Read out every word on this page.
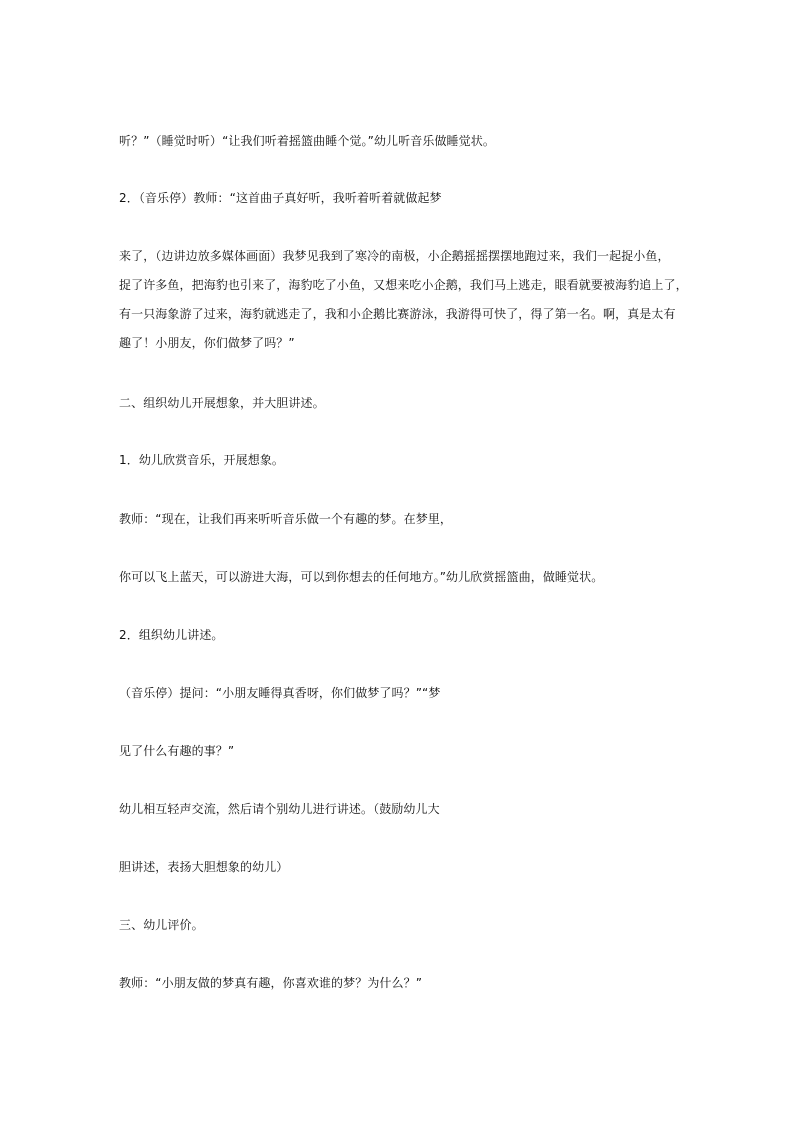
听？”（睡觉时听）“让我们听着摇篮曲睡个觉。”幼儿听音乐做睡觉状。
2．（音乐停）教师：“这首曲子真好听，我听着听着就做起梦
来了，（边讲边放多媒体画面）我梦见我到了寒冷的南极，小企鹅摇摇摆摆地跑过来，我们一起捉小鱼，
捉了许多鱼，把海豹也引来了，海豹吃了小鱼，又想来吃小企鹅，我们马上逃走，眼看就要被海豹追上了，
有一只海象游了过来，海豹就逃走了，我和小企鹅比赛游泳，我游得可快了，得了第一名。啊，真是太有
趣了！小朋友，你们做梦了吗？”
二、组织幼儿开展想象，并大胆讲述。
1．幼儿欣赏音乐，开展想象。
教师：“现在，让我们再来听听音乐做一个有趣的梦。在梦里，
你可以飞上蓝天，可以游进大海，可以到你想去的任何地方。”幼儿欣赏摇篮曲，做睡觉状。
2．组织幼儿讲述。
（音乐停）提问：“小朋友睡得真香呀，你们做梦了吗？”“梦
见了什么有趣的事？”
幼儿相互轻声交流，然后请个别幼儿进行讲述。（鼓励幼儿大
胆讲述，表扬大胆想象的幼儿）
三、幼儿评价。
教师：“小朋友做的梦真有趣，你喜欢谁的梦？为什么？”
